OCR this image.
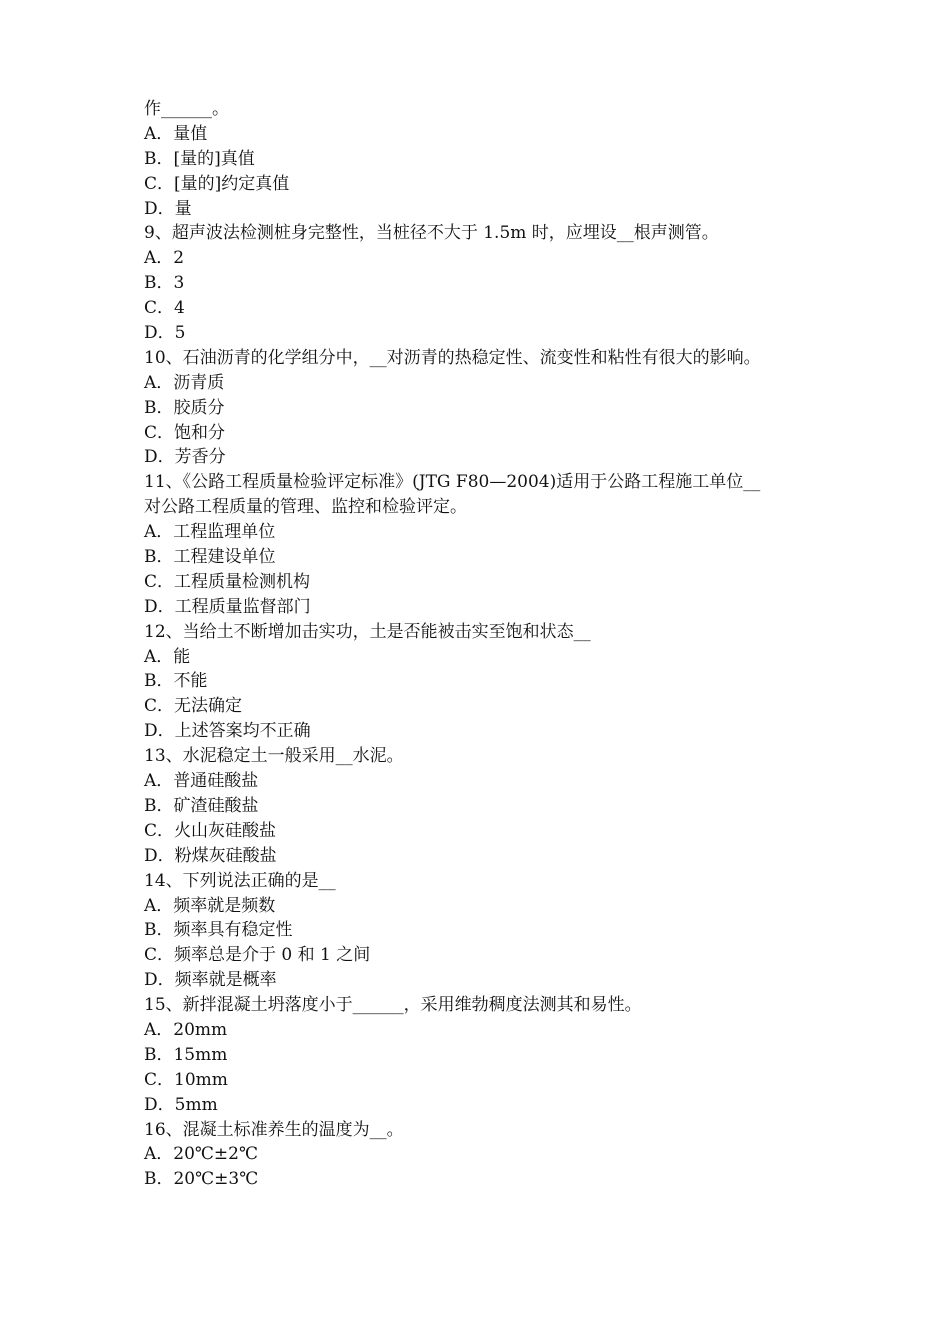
作______。
A．量值
B．[量的]真值
C．[量的]约定真值
D．量
9、超声波法检测桩身完整性，当桩径不大于 1.5m 时，应埋设__根声测管。
A．2
B．3
C．4
D．5
10、石油沥青的化学组分中，__对沥青的热稳定性、流变性和粘性有很大的影响。
A．沥青质
B．胶质分
C．饱和分
D．芳香分
11、《公路工程质量检验评定标准》(JTG F80—2004)适用于公路工程施工单位__
对公路工程质量的管理、监控和检验评定。
A．工程监理单位
B．工程建设单位
C．工程质量检测机构
D．工程质量监督部门
12、当给土不断增加击实功，土是否能被击实至饱和状态__
A．能
B．不能
C．无法确定
D．上述答案均不正确
13、水泥稳定土一般采用__水泥。
A．普通硅酸盐
B．矿渣硅酸盐
C．火山灰硅酸盐
D．粉煤灰硅酸盐
14、下列说法正确的是__
A．频率就是频数
B．频率具有稳定性
C．频率总是介于 0 和 1 之间
D．频率就是概率
15、新拌混凝土坍落度小于______，采用维勃稠度法测其和易性。
A．20mm
B．15mm
C．10mm
D．5mm
16、混凝土标准养生的温度为__。
A．20℃±2℃
B．20℃±3℃
